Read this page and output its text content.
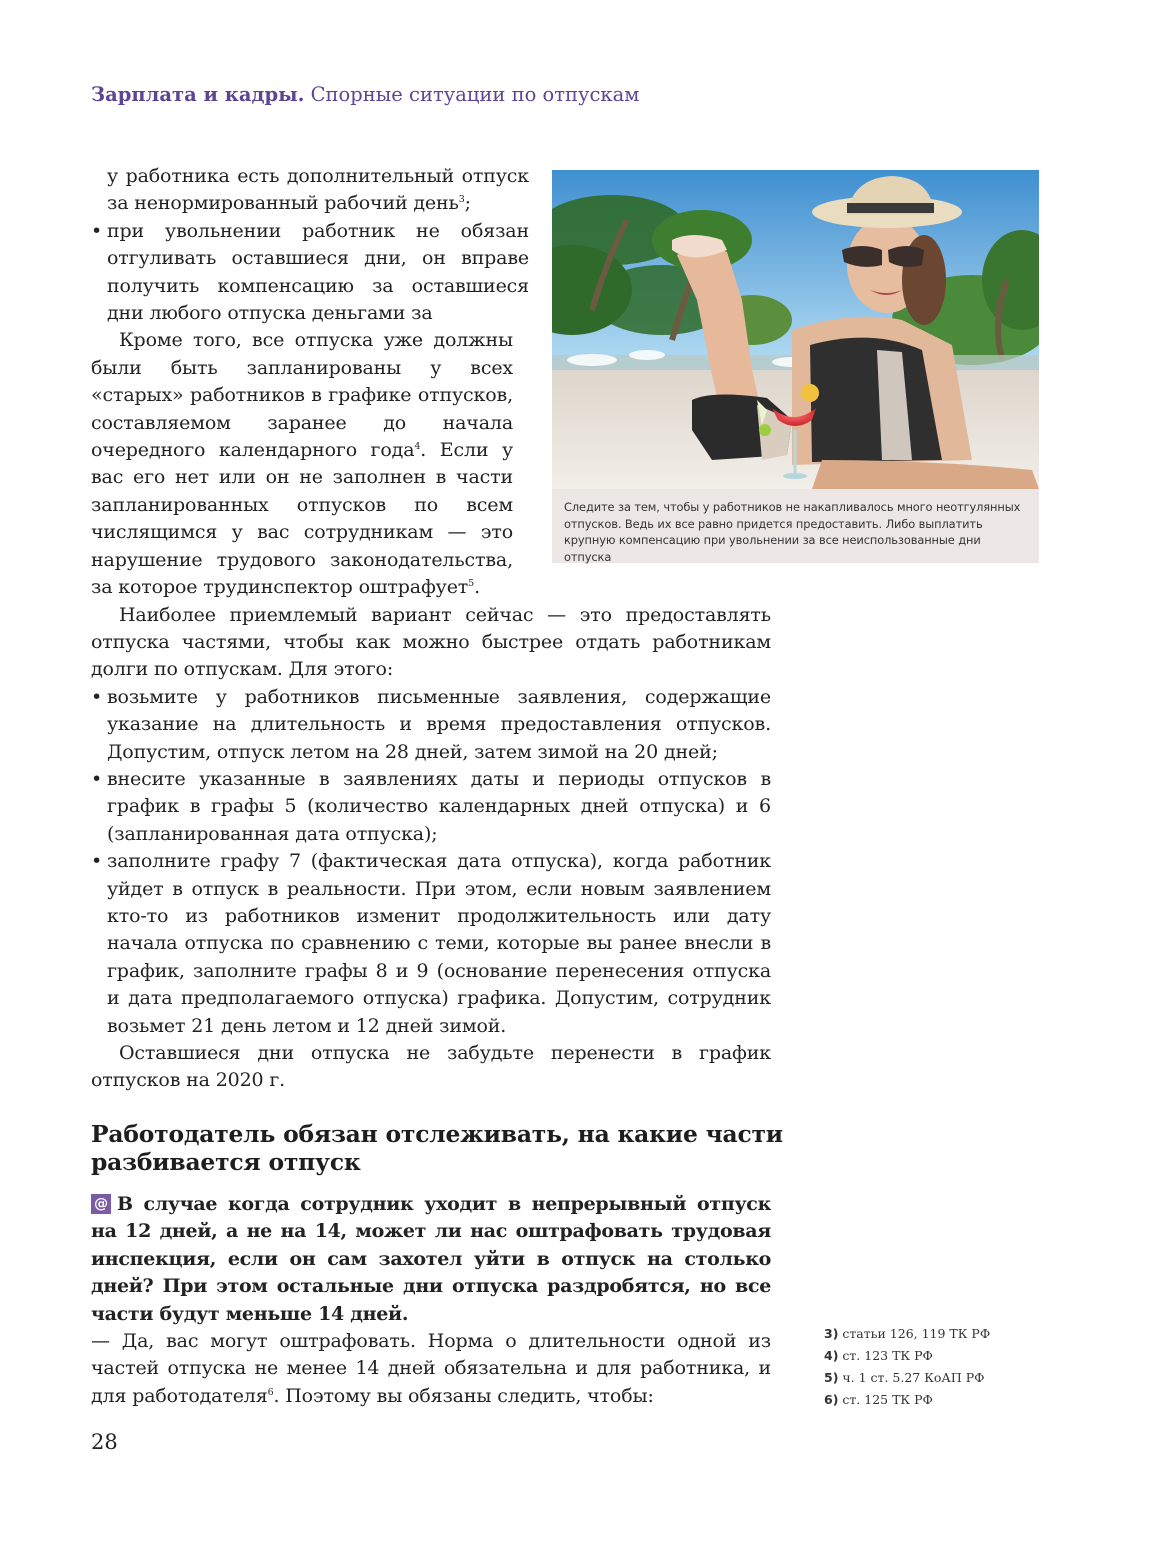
Зарплата и кадры. Спорные ситуации по отпускам
Следите за тем, чтобы у работников не накапливалось много неотгулянных отпусков. Ведь их все равно придется предоставить. Либо выплатить крупную компенсацию при увольнении за все неиспользованные дни отпуска

у работника есть дополнительный отпуск за ненормированный рабочий день$^3$;

• при увольнении работник не обязан отгуливать оставшиеся дни, он вправе получить компенсацию за оставшиеся дни любого отпуска деньгами за

Кроме того, все отпуска уже должны были быть запланированы у всех «старых» работников в графике отпусков, составляемом заранее до начала очередного календарного года$^4$. Если у вас его нет или он не заполнен в части запланированных отпусков по всем числящимся у вас сотрудникам — это нарушение трудового законодательства, за которое трудинспектор оштрафует$^5$.

Наиболее приемлемый вариант сейчас — это предоставлять отпуска частями, чтобы как можно быстрее отдать работникам долги по отпускам. Для этого:

• возьмите у работников письменные заявления, содержащие указание на длительность и время предоставления отпусков. Допустим, отпуск летом на 28 дней, затем зимой на 20 дней;

• внесите указанные в заявлениях даты и периоды отпусков в график в графы 5 (количество календарных дней отпуска) и 6 (запланированная дата отпуска);

• заполните графу 7 (фактическая дата отпуска), когда работник уйдет в отпуск в реальности. При этом, если новым заявлением кто-то из работников изменит продолжительность или дату начала отпуска по сравнению с теми, которые вы ранее внесли в график, заполните графы 8 и 9 (основание перенесения отпуска и дата предполагаемого отпуска) графика. Допустим, сотрудник возьмет 21 день летом и 12 дней зимой.

Оставшиеся дни отпуска не забудьте перенести в график отпусков на 2020 г.

Работодатель обязан отслеживать, на какие части разбивается отпуск

@ В случае когда сотрудник уходит в непрерывный отпуск на 12 дней, а не на 14, может ли нас оштрафовать трудовая инспекция, если он сам захотел уйти в отпуск на столько дней? При этом остальные дни отпуска раздробятся, но все части будут меньше 14 дней.

— Да, вас могут оштрафовать. Норма о длительности одной из частей отпуска не менее 14 дней обязательна и для работника, и для работодателя$^6$. Поэтому вы обязаны следить, чтобы:

3) статьи 126, 119 ТК РФ
4) ст. 123 ТК РФ
5) ч. 1 ст. 5.27 КоАП РФ
6) ст. 125 ТК РФ
28
